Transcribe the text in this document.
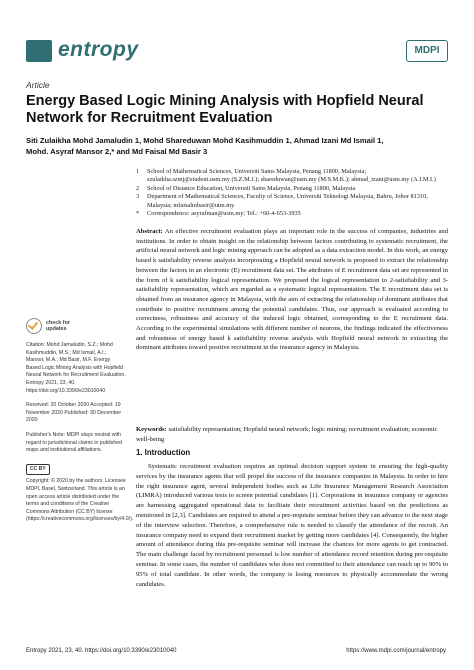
entropy	MDPI
Article
Energy Based Logic Mining Analysis with Hopfield Neural Network for Recruitment Evaluation
Siti Zulaikha Mohd Jamaludin 1, Mohd Shareduwan Mohd Kasihmuddin 1, Ahmad Izani Md Ismail 1,
Mohd. Asyraf Mansor 2,* and Md Faisal Md Basir 3
1	School of Mathematical Sciences, Universiti Sains Malaysia, Penang 11800, Malaysia; szulaikha.szmj@student.usm.my (S.Z.M.J.); shareduwan@usm.my (M.S.M.K.); ahmad_izani@usm.my (A.I.M.I.)
2	School of Distance Education, Universiti Sains Malaysia, Penang 11800, Malaysia
3	Department of Mathematical Sciences, Faculty of Science, Universiti Teknologi Malaysia, Bahru, Johor 81310, Malaysia; mfaisalmbasir@utm.my
*	Correspondence: asyrafman@usm.my; Tel.: +60-4-653-3935
Abstract: An effective recruitment evaluation plays an important role in the success of companies, industries and institutions. In order to obtain insight on the relationship between factors contributing to systematic recruitment, the artificial neural network and logic mining approach can be adopted as a data extraction model. In this work, an energy based k satisfiability reverse analysis incorporating a Hopfield neural network is proposed to extract the relationship between the factors in an electronic (E) recruitment data set. The attributes of E recruitment data set are represented in the form of k satisfiability logical representation. We proposed the logical representation to 2-satisfiability and 3-satisfiability representation, which are regarded as a systematic logical representation. The E recruitment data set is obtained from an insurance agency in Malaysia, with the aim of extracting the relationship of dominant attributes that contribute to positive recruitment among the potential candidates. Thus, our approach is evaluated according to correctness, robustness and accuracy of the induced logic obtained, corresponding to the E recruitment data. According to the experimental simulations with different number of neurons, the findings indicated the effectiveness and robustness of energy based k satisfiability reverse analysis with Hopfield neural network in extracting the dominant attributes toward positive recruitment in the insurance agency in Malaysia.
Keywords: satisfiability representation; Hopfield neural network; logic mining; recruitment evaluation; economic well-being
check for
updates

Citation: Mohd Jamaludin, S.Z.; Mohd Kasihmuddin, M.S.; Md Ismail, A.I.; Mansor, M.A.; Md Basir, M.F. Energy Based Logic Mining Analysis with Hopfield Neural Network for Recruitment Evaluation. Entropy 2021, 23, 40. https://doi.org/10.3390/e23010040

Received: 20 October 2020 Accepted: 19 November 2020 Published: 30 December 2020

Publisher's Note: MDPI stays neutral with regard to jurisdictional claims in published maps and institutional affiliations.

CC BY

Copyright: © 2020 by the authors. Licensee MDPI, Basel, Switzerland. This article is an open access article distributed under the terms and conditions of the Creative Commons Attribution (CC BY) license (https://creativecommons.org/licenses/by/4.0/).

1. Introduction
Systematic recruitment evaluation requires an optimal decision support system in ensuring the high-quality services by the insurance agents that will propel the success of the insurance companies in Malaysia. In order to hire the right insurance agent, several independent bodies such as Life Insurance Management Research Association (LIMRA) introduced various tests to screen potential candidates [1]. Corporations in insurance company or agencies are harnessing aggregated operational data to facilitate their recruitment activities based on the predictions as mentioned in [2,3]. Candidates are required to attend a pre-requisite seminar before they can advance to the next stage of the interview selection. Therefore, a comprehensive rule is needed to classify the attendance of the recruit. An insurance company need to expand their recruitment market by getting more candidates [4]. Consequently, the higher amount of attendance during this pre-requisite seminar will increase the chances for more agents to get contracted. The main challenge faced by recruitment personnel is low number of attendance record retention during pre-requisite seminar. In some cases, the number of candidates who does not committed to their attendance can reach up to 90% to 95% of total candidate. In other words, the company is losing resources to physically accommodate the wrong candidates.
Entropy 2021, 23, 40. https://doi.org/10.3390/e23010040	https://www.mdpi.com/journal/entropy
